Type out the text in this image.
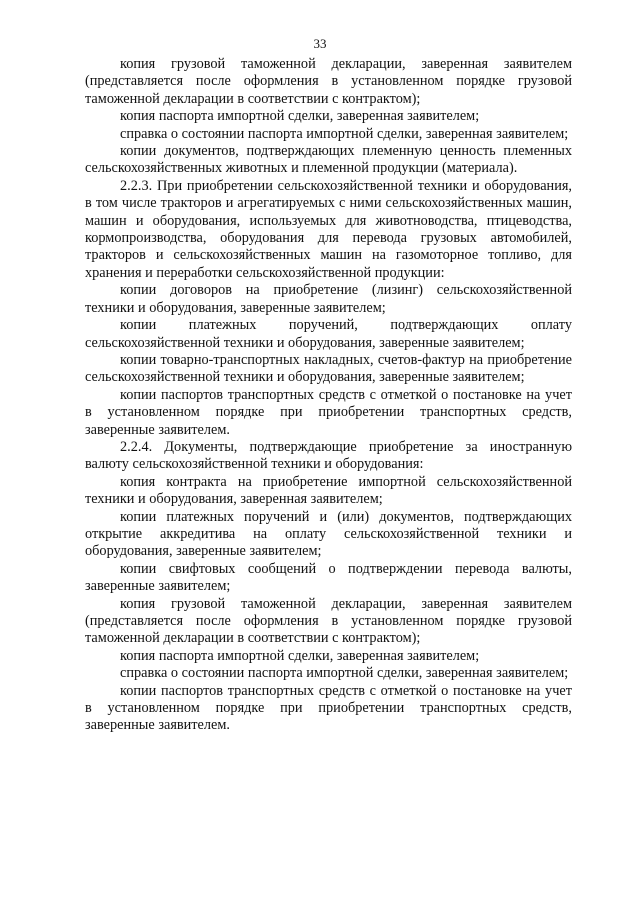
33

копия грузовой таможенной декларации, заверенная заявителем (представляется после оформления в установленном порядке грузовой таможенной декларации в соответствии с контрактом);

копия паспорта импортной сделки, заверенная заявителем;

справка о состоянии паспорта импортной сделки, заверенная заявителем;

копии документов, подтверждающих племенную ценность племенных сельскохозяйственных животных и племенной продукции (материала).

2.2.3. При приобретении сельскохозяйственной техники и оборудования, в том числе тракторов и агрегатируемых с ними сельскохозяйственных машин, машин и оборудования, используемых для животноводства, птицеводства, кормопроизводства, оборудования для перевода грузовых автомобилей, тракторов и сельскохозяйственных машин на газомоторное топливо, для хранения и переработки сельскохозяйственной продукции:

копии договоров на приобретение (лизинг) сельскохозяйственной техники и оборудования, заверенные заявителем;

копии платежных поручений, подтверждающих оплату сельскохозяйственной техники и оборудования, заверенные заявителем;

копии товарно-транспортных накладных, счетов-фактур на приобретение сельскохозяйственной техники и оборудования, заверенные заявителем;

копии паспортов транспортных средств с отметкой о постановке на учет в установленном порядке при приобретении транспортных средств, заверенные заявителем.

2.2.4. Документы, подтверждающие приобретение за иностранную валюту сельскохозяйственной техники и оборудования:

копия контракта на приобретение импортной сельскохозяйственной техники и оборудования, заверенная заявителем;

копии платежных поручений и (или) документов, подтверждающих открытие аккредитива на оплату сельскохозяйственной техники и оборудования, заверенные заявителем;

копии свифтовых сообщений о подтверждении перевода валюты, заверенные заявителем;

копия грузовой таможенной декларации, заверенная заявителем (представляется после оформления в установленном порядке грузовой таможенной декларации в соответствии с контрактом);

копия паспорта импортной сделки, заверенная заявителем;

справка о состоянии паспорта импортной сделки, заверенная заявителем;

копии паспортов транспортных средств с отметкой о постановке на учет в установленном порядке при приобретении транспортных средств, заверенные заявителем.
